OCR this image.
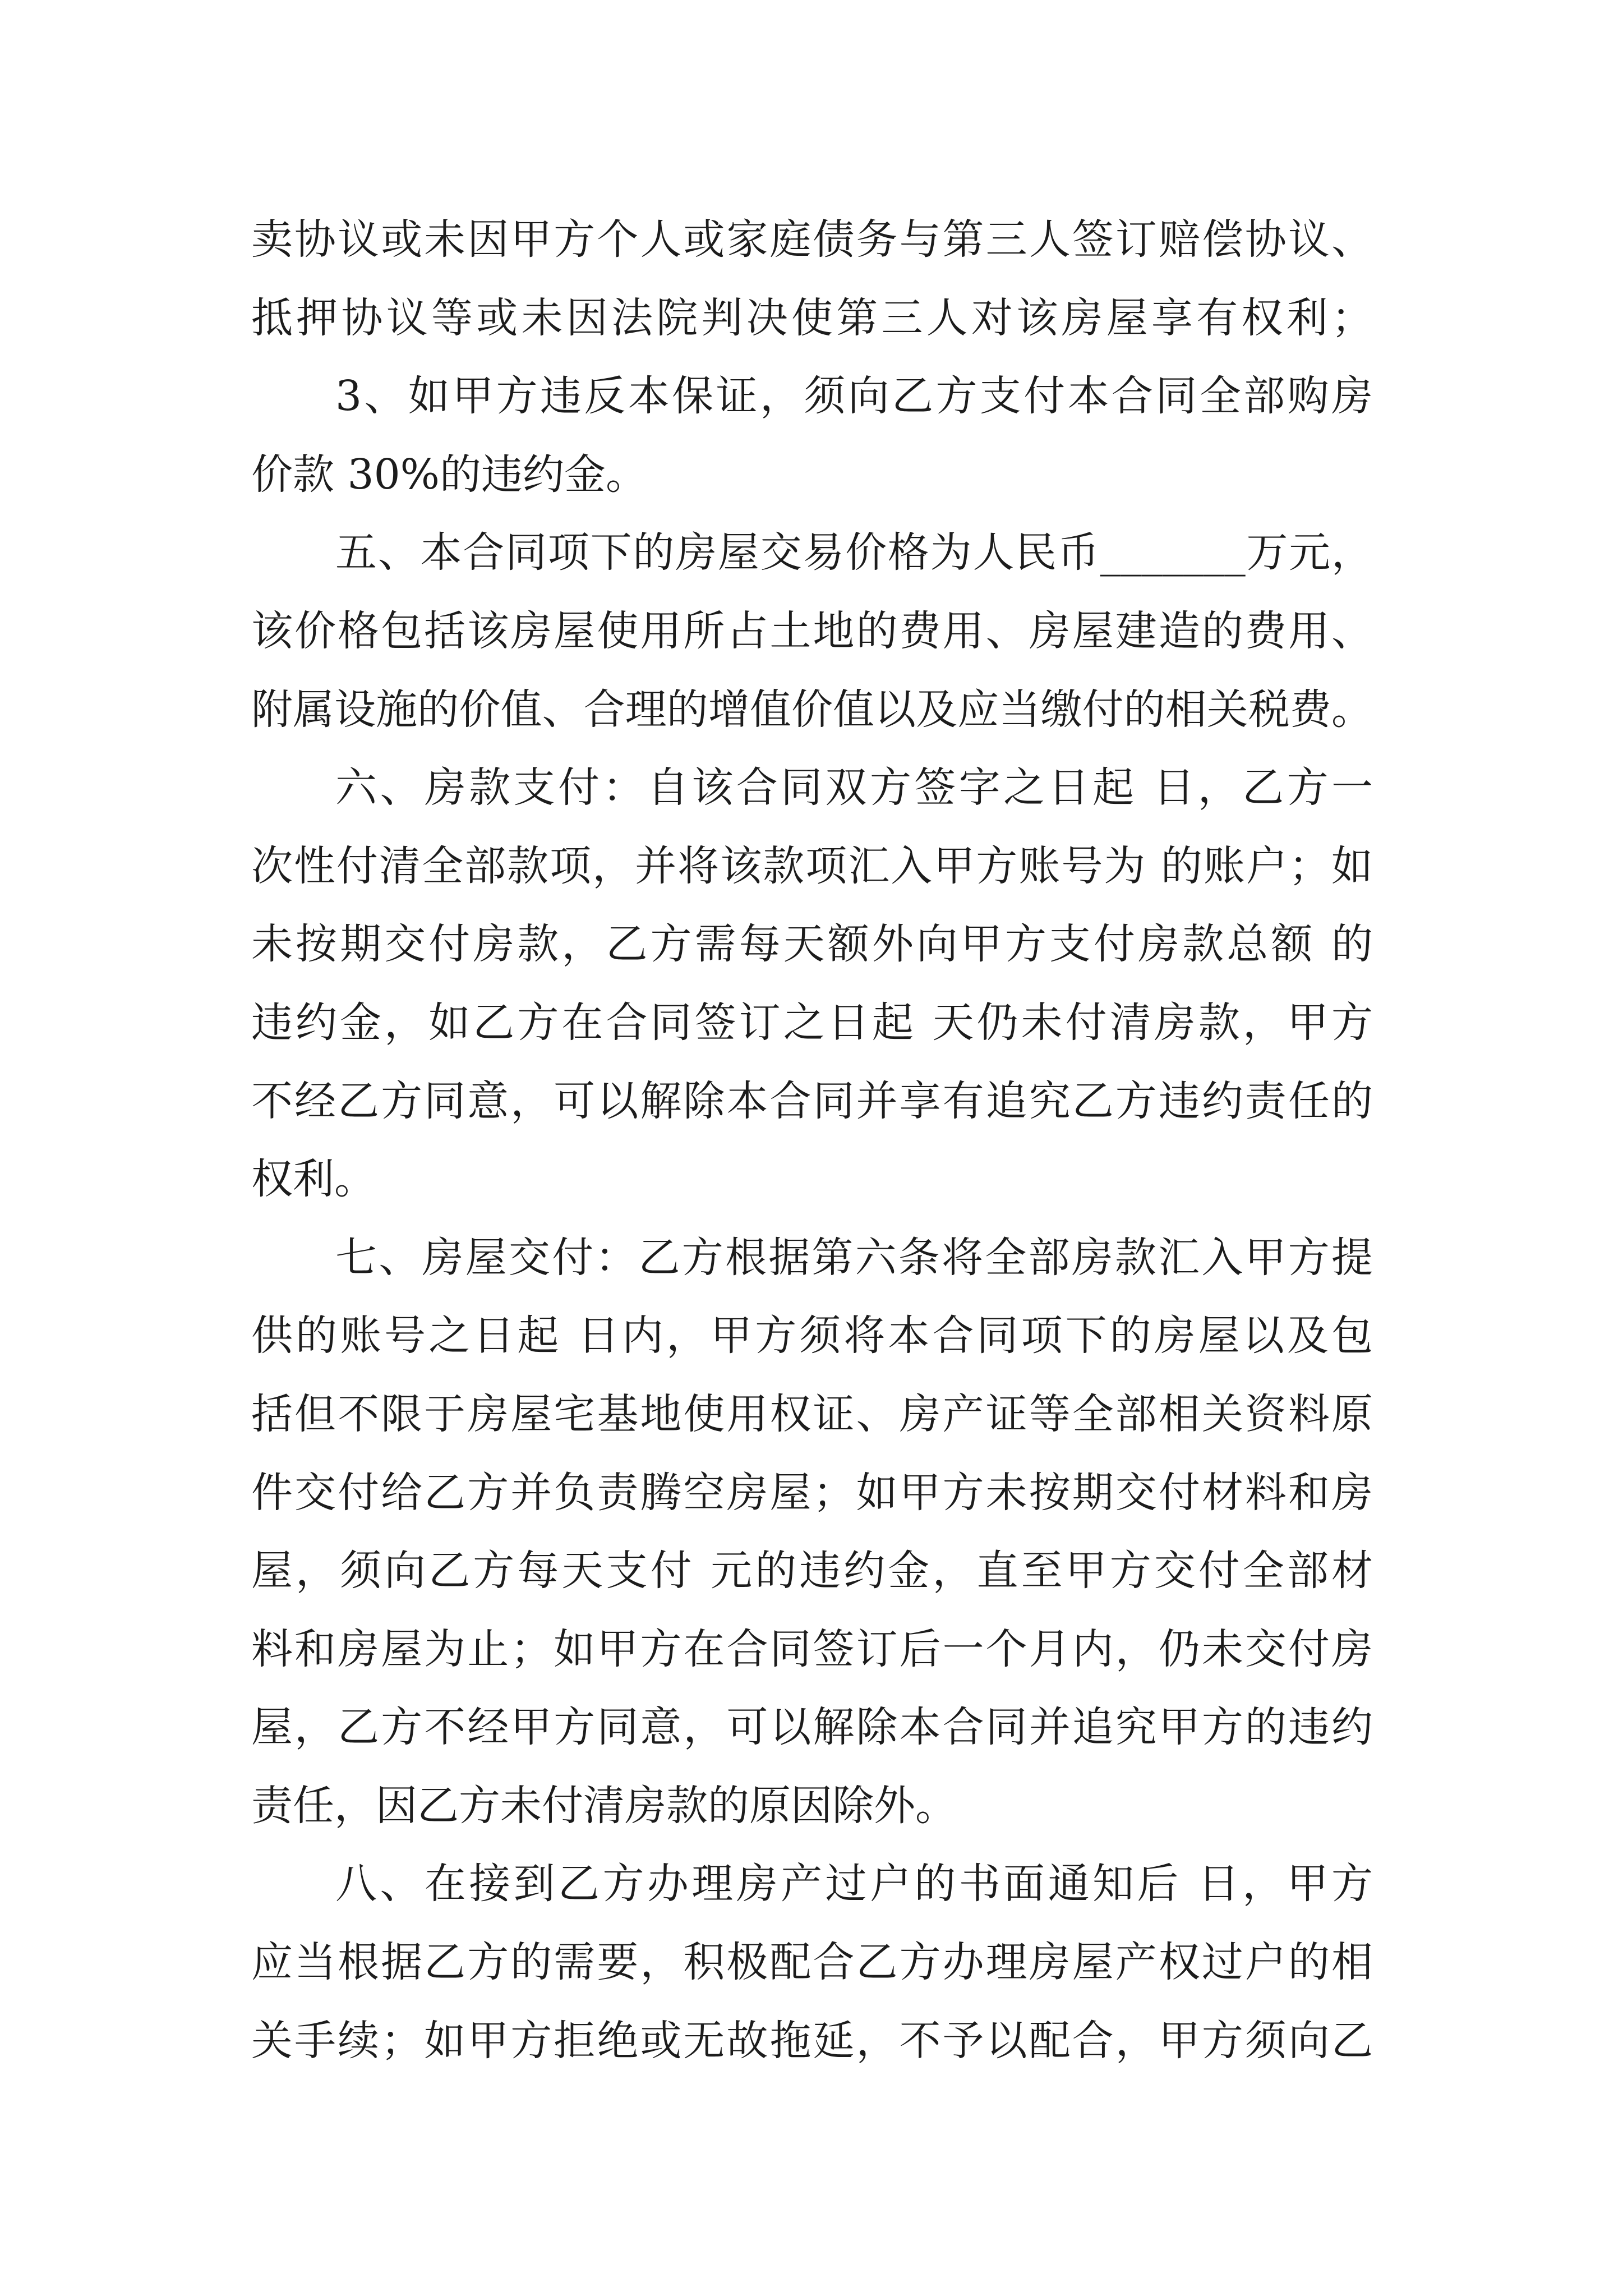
卖协议或未因甲方个人或家庭债务与第三人签订赔偿协议、
抵押协议等或未因法院判决使第三人对该房屋享有权利；
3、如甲方违反本保证，须向乙方支付本合同全部购房
价款 30%的违约金。
五、本合同项下的房屋交易价格为人民币_______万元，
该价格包括该房屋使用所占土地的费用、房屋建造的费用、
附属设施的价值、合理的增值价值以及应当缴付的相关税费。
六、房款支付：自该合同双方签字之日起 日，乙方一
次性付清全部款项，并将该款项汇入甲方账号为 的账户；如
未按期交付房款，乙方需每天额外向甲方支付房款总额 的
违约金，如乙方在合同签订之日起 天仍未付清房款，甲方
不经乙方同意，可以解除本合同并享有追究乙方违约责任的
权利。
七、房屋交付：乙方根据第六条将全部房款汇入甲方提
供的账号之日起 日内，甲方须将本合同项下的房屋以及包
括但不限于房屋宅基地使用权证、房产证等全部相关资料原
件交付给乙方并负责腾空房屋；如甲方未按期交付材料和房
屋，须向乙方每天支付 元的违约金，直至甲方交付全部材
料和房屋为止；如甲方在合同签订后一个月内，仍未交付房
屋，乙方不经甲方同意，可以解除本合同并追究甲方的违约
责任，因乙方未付清房款的原因除外。
八、在接到乙方办理房产过户的书面通知后 日，甲方
应当根据乙方的需要，积极配合乙方办理房屋产权过户的相
关手续；如甲方拒绝或无故拖延，不予以配合，甲方须向乙
